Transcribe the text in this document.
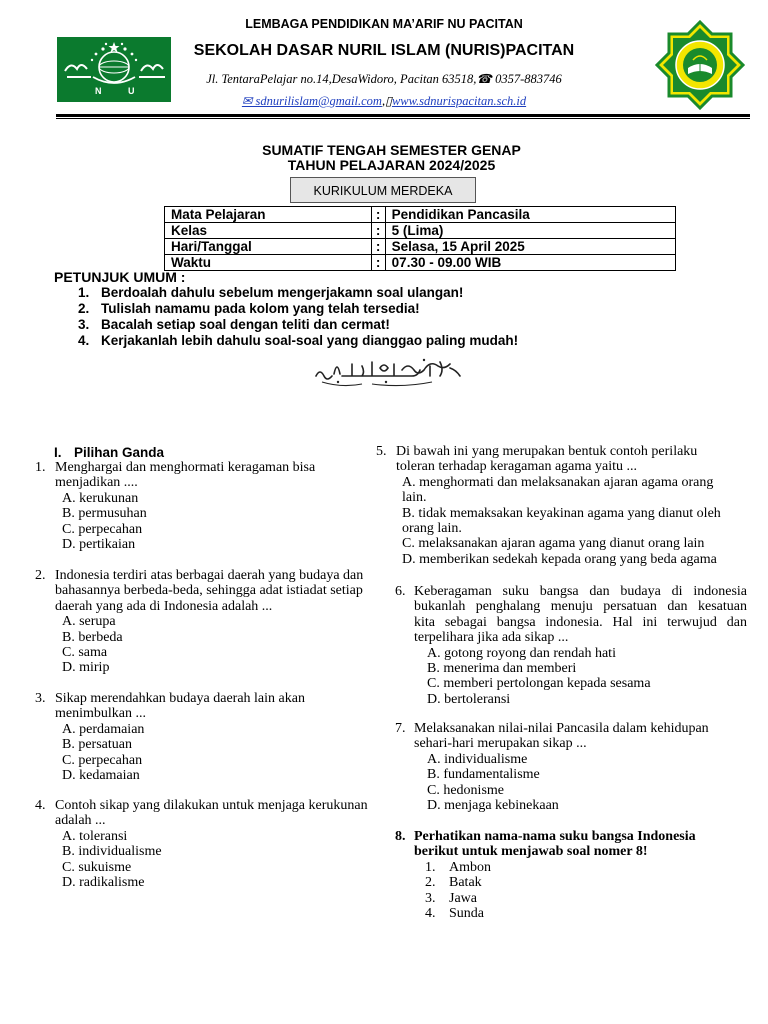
LEMBAGA PENDIDIKAN MA’ARIF NU PACITAN
N	U
SEKOLAH DASAR NURIL ISLAM (NURIS)PACITAN
Jl. TentaraPelajar no.14,DesaWidoro, Pacitan 63518,☎ 0357-883746
✉ sdnurilislam@gmail.com,▯www.sdnurispacitan.sch.id
SUMATIF TENGAH SEMESTER GENAP
TAHUN PELAJARAN 2024/2025
KURIKULUM MERDEKA
Mata Pelajaran	:	Pendidikan Pancasila
Kelas	:	5 (Lima)
Hari/Tanggal	:	Selasa, 15 April 2025
Waktu	:	07.30 - 09.00 WIB
PETUNJUK UMUM :
1. Berdoalah dahulu sebelum mengerjakamn soal ulangan!
2. Tulislah namamu pada kolom yang telah tersedia!
3. Bacalah setiap soal dengan teliti dan cermat!
4. Kerjakanlah lebih dahulu soal-soal yang dianggao paling mudah!
I. Pilihan Ganda
1. Menghargai dan menghormati keragaman bisa
menjadikan ....
A. kerukunan
B. permusuhan
C. perpecahan
D. pertikaian
2. Indonesia terdiri atas berbagai daerah yang budaya dan
bahasannya berbeda-beda, sehingga adat istiadat setiap
daerah yang ada di Indonesia adalah ...
A. serupa
B. berbeda
C. sama
D. mirip
3. Sikap merendahkan budaya daerah lain akan
menimbulkan ...
A. perdamaian
B. persatuan
C. perpecahan
D. kedamaian
4. Contoh sikap yang dilakukan untuk menjaga kerukunan
adalah ...
A. toleransi
B. individualisme
C. sukuisme
D. radikalisme
5. Di bawah ini yang merupakan bentuk contoh perilaku
toleran terhadap keragaman agama yaitu ...
A. menghormati dan melaksanakan ajaran agama orang
lain.
B. tidak memaksakan keyakinan agama yang dianut oleh
orang lain.
C. melaksanakan ajaran agama yang dianut orang lain
D. memberikan sedekah kepada orang yang beda agama
6. Keberagaman suku bangsa dan budaya di indonesia
bukanlah penghalang menuju persatuan dan kesatuan
kita sebagai bangsa indonesia. Hal ini terwujud dan
terpelihara jika ada sikap ...
A. gotong royong dan rendah hati
B. menerima dan memberi
C. memberi pertolongan kepada sesama
D. bertoleransi
7. Melaksanakan nilai-nilai Pancasila dalam kehidupan
sehari-hari merupakan sikap ...
A. individualisme
B. fundamentalisme
C. hedonisme
D. menjaga kebinekaan
8. Perhatikan nama-nama suku bangsa Indonesia
berikut untuk menjawab soal nomer 8!
1. Ambon
2. Batak
3. Jawa
4. Sunda
